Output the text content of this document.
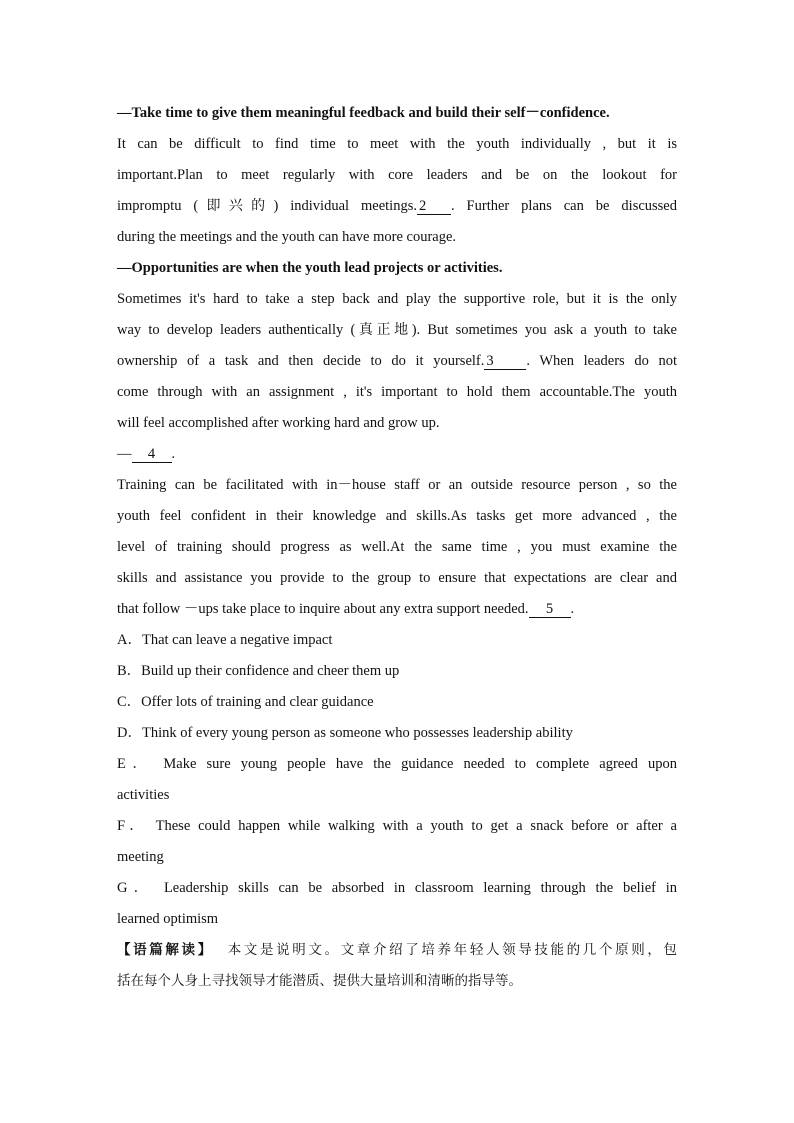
—Take time to give them meaningful feedback and build their self－confidence.
It can be difficult to find time to meet with the youth individually , but it is
important.Plan to meet regularly with core leaders and be on the lookout for
impromptu (即兴的) individual meetings. 2 . Further plans can be discussed
during the meetings and the youth can have more courage.
—Opportunities are when the youth lead projects or activities.
Sometimes it's hard to take a step back and play the supportive role, but it is the only
way to develop leaders authentically (真正地). But sometimes you ask a youth to take
ownership of a task and then decide to do it yourself. 3 . When leaders do not
come through with an assignment , it's important to hold them accountable.The youth
will feel accomplished after working hard and grow up.
— 4 .
Training can be facilitated with in－house staff or an outside resource person , so the
youth feel confident in their knowledge and skills.As tasks get more advanced , the
level of training should progress as well.At the same time , you must examine the
skills and assistance you provide to the group to ensure that expectations are clear and
that follow －ups take place to inquire about any extra support needed. 5 .
A．That can leave a negative impact
B．Build up their confidence and cheer them up
C．Offer lots of training and clear guidance
D．Think of every young person as someone who possesses leadership ability
E． Make sure young people have the guidance needed to complete agreed upon
activities
F． These could happen while walking with a youth to get a snack before or after a
meeting
G． Leadership skills can be absorbed in classroom learning through the belief in
learned optimism
【语篇解读】 本文是说明文。文章介绍了培养年轻人领导技能的几个原则，包
括在每个人身上寻找领导才能潜质、提供大量培训和清晰的指导等。
